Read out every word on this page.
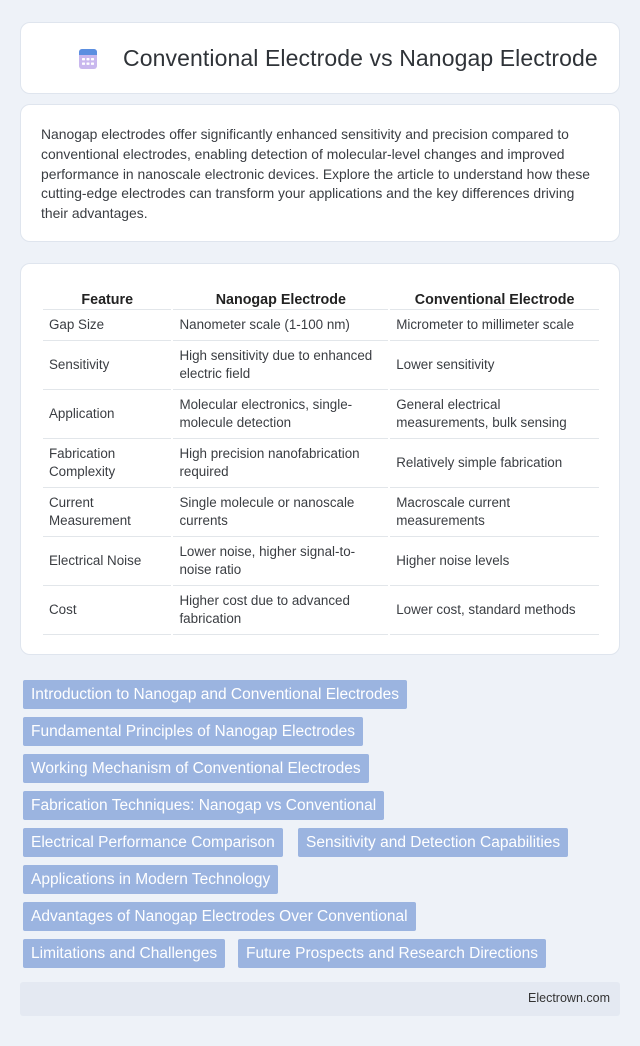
Conventional Electrode vs Nanogap Electrode

Nanogap electrodes offer significantly enhanced sensitivity and precision compared to conventional electrodes, enabling detection of molecular-level changes and improved performance in nanoscale electronic devices. Explore the article to understand how these cutting-edge electrodes can transform your applications and the key differences driving their advantages.

Feature	Nanogap Electrode	Conventional Electrode
Gap Size	Nanometer scale (1-100 nm)	Micrometer to millimeter scale
Sensitivity	High sensitivity due to enhanced electric field	Lower sensitivity
Application	Molecular electronics, single-molecule detection	General electrical measurements, bulk sensing
Fabrication Complexity	High precision nanofabrication required	Relatively simple fabrication
Current Measurement	Single molecule or nanoscale currents	Macroscale current measurements
Electrical Noise	Lower noise, higher signal-to-noise ratio	Higher noise levels
Cost	Higher cost due to advanced fabrication	Lower cost, standard methods
Introduction to Nanogap and Conventional Electrodes
Fundamental Principles of Nanogap Electrodes
Working Mechanism of Conventional Electrodes
Fabrication Techniques: Nanogap vs Conventional
Electrical Performance Comparison	Sensitivity and Detection Capabilities
Applications in Modern Technology
Advantages of Nanogap Electrodes Over Conventional
Limitations and Challenges	Future Prospects and Research Directions
Electrown.com
